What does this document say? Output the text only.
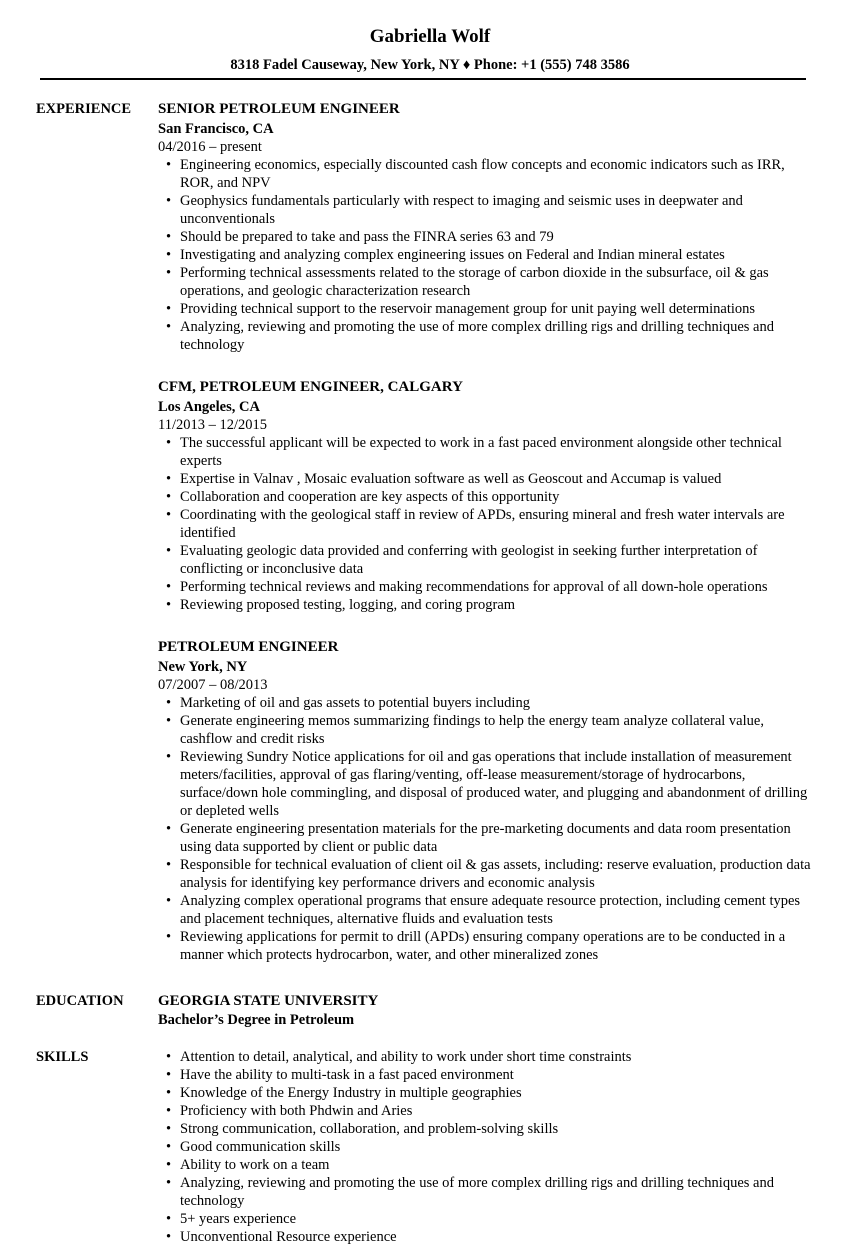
Gabriella Wolf
8318 Fadel Causeway, New York, NY ♦ Phone: +1 (555) 748 3586
EXPERIENCE	SENIOR PETROLEUM ENGINEER
San Francisco, CA
04/2016 – present
• Engineering economics, especially discounted cash flow concepts and economic indicators such as IRR, ROR, and NPV
• Geophysics fundamentals particularly with respect to imaging and seismic uses in deepwater and unconventionals
• Should be prepared to take and pass the FINRA series 63 and 79
• Investigating and analyzing complex engineering issues on Federal and Indian mineral estates
• Performing technical assessments related to the storage of carbon dioxide in the subsurface, oil & gas operations, and geologic characterization research
• Providing technical support to the reservoir management group for unit paying well determinations
• Analyzing, reviewing and promoting the use of more complex drilling rigs and drilling techniques and technology
CFM, PETROLEUM ENGINEER, CALGARY
Los Angeles, CA
11/2013 – 12/2015
• The successful applicant will be expected to work in a fast paced environment alongside other technical experts
• Expertise in Valnav , Mosaic evaluation software as well as Geoscout and Accumap is valued
• Collaboration and cooperation are key aspects of this opportunity
• Coordinating with the geological staff in review of APDs, ensuring mineral and fresh water intervals are identified
• Evaluating geologic data provided and conferring with geologist in seeking further interpretation of conflicting or inconclusive data
• Performing technical reviews and making recommendations for approval of all down-hole operations
• Reviewing proposed testing, logging, and coring program
PETROLEUM ENGINEER
New York, NY
07/2007 – 08/2013
• Marketing of oil and gas assets to potential buyers including
• Generate engineering memos summarizing findings to help the energy team analyze collateral value, cashflow and credit risks
• Reviewing Sundry Notice applications for oil and gas operations that include installation of measurement meters/facilities, approval of gas flaring/venting, off-lease measurement/storage of hydrocarbons, surface/down hole commingling, and disposal of produced water, and plugging and abandonment of drilling or depleted wells
• Generate engineering presentation materials for the pre-marketing documents and data room presentation using data supported by client or public data
• Responsible for technical evaluation of client oil & gas assets, including: reserve evaluation, production data analysis for identifying key performance drivers and economic analysis
• Analyzing complex operational programs that ensure adequate resource protection, including cement types and placement techniques, alternative fluids and evaluation tests
• Reviewing applications for permit to drill (APDs) ensuring company operations are to be conducted in a manner which protects hydrocarbon, water, and other mineralized zones
EDUCATION	GEORGIA STATE UNIVERSITY
Bachelor’s Degree in Petroleum
SKILLS	• Attention to detail, analytical, and ability to work under short time constraints
• Have the ability to multi-task in a fast paced environment
• Knowledge of the Energy Industry in multiple geographies
• Proficiency with both Phdwin and Aries
• Strong communication, collaboration, and problem-solving skills
• Good communication skills
• Ability to work on a team
• Analyzing, reviewing and promoting the use of more complex drilling rigs and drilling techniques and technology
• 5+ years experience
• Unconventional Resource experience
